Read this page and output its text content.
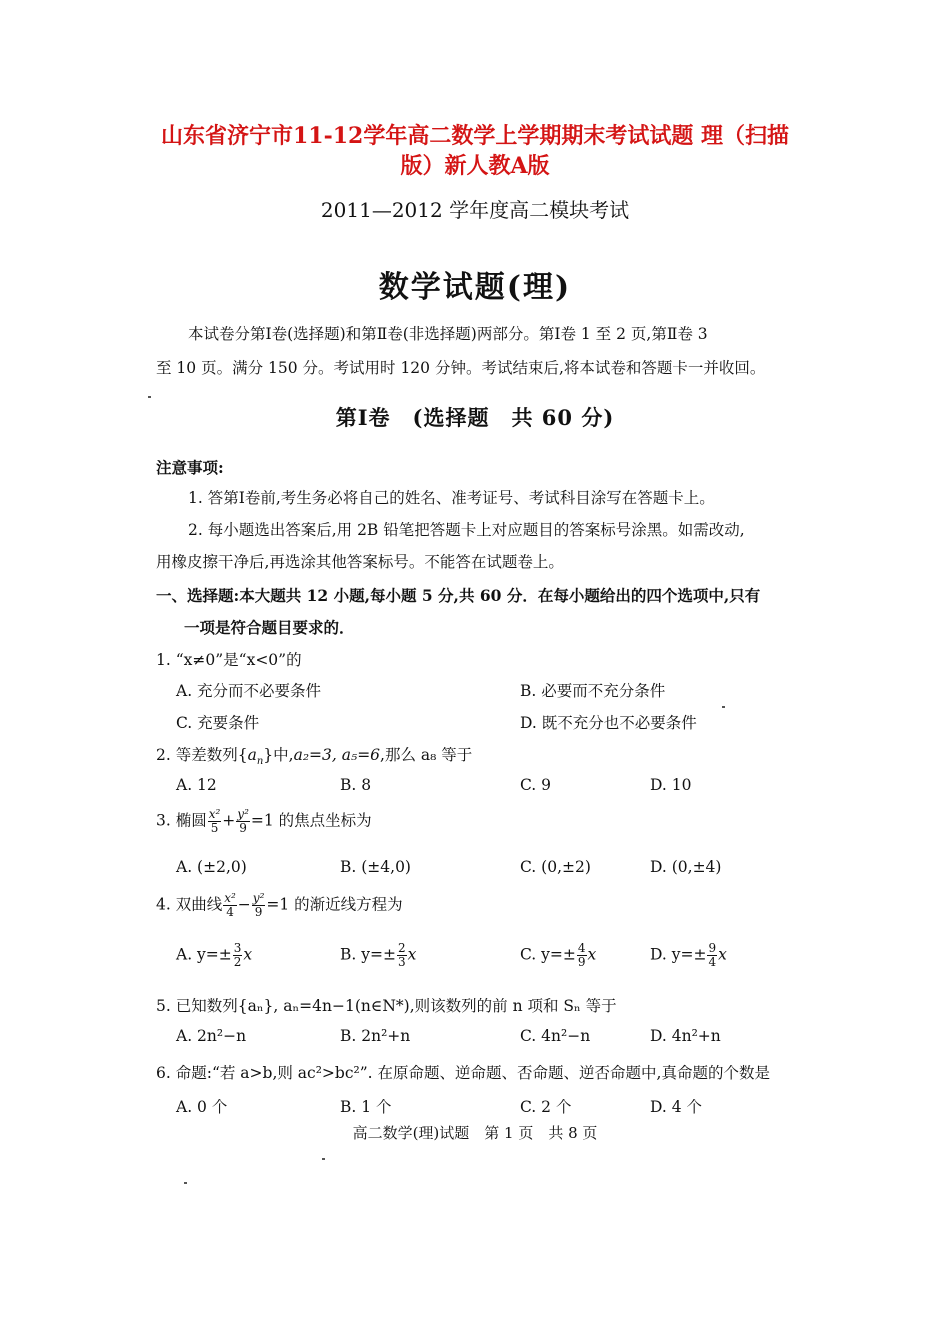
山东省济宁市11-12学年高二数学上学期期末考试试题 理（扫描
版）新人教A版
2011—2012 学年度高二模块考试
数学试题(理)
本试卷分第Ⅰ卷(选择题)和第Ⅱ卷(非选择题)两部分。第Ⅰ卷 1 至 2 页,第Ⅱ卷 3
至 10 页。满分 150 分。考试用时 120 分钟。考试结束后,将本试卷和答题卡一并收回。
第Ⅰ卷　(选择题　共 60 分)
注意事项:
1. 答第Ⅰ卷前,考生务必将自己的姓名、准考证号、考试科目涂写在答题卡上。
2. 每小题选出答案后,用 2B 铅笔把答题卡上对应题目的答案标号涂黑。如需改动,
用橡皮擦干净后,再选涂其他答案标号。不能答在试题卷上。
一、选择题:本大题共 12 小题,每小题 5 分,共 60 分．在每小题给出的四个选项中,只有
一项是符合题目要求的．
1. “x≠0”是“x<0”的
A. 充分而不必要条件	B. 必要而不充分条件
C. 充要条件	D. 既不充分也不必要条件
2. 等差数列$\{a_n\}$中,a₂=3, a₅=6,那么 a₈ 等于
A. 12	B. 8	C. 9	D. 10
3. 椭圆 $\frac{\text{x²}}{5} + \frac{\text{y²}}{9} =1$ 的焦点坐标为
A. (±2,0)	B. (±4,0)	C. (0,±2)	D. (0,±4)
4. 双曲线 $\frac{\text{x²}}{4} - \frac{\text{y²}}{9} =1$ 的渐近线方程为
A. $y=\pm \frac{3}{2}$ x	B. $y=\pm \frac{2}{3}$ x	C. $y=\pm \frac{4}{9}$ x	D. $y=\pm \frac{9}{4}$ x
5. 已知数列{aₙ}, aₙ=4n−1(n∈N*),则该数列的前 n 项和 Sₙ 等于
A. 2n²−n	B. 2n²+n	C. 4n²−n	D. 4n²+n
6. 命题:“若 a>b,则 ac²>bc²”. 在原命题、逆命题、否命题、逆否命题中,真命题的个数是
A. 0 个	B. 1 个	C. 2 个	D. 4 个
高二数学(理)试题　第 1 页　共 8 页
